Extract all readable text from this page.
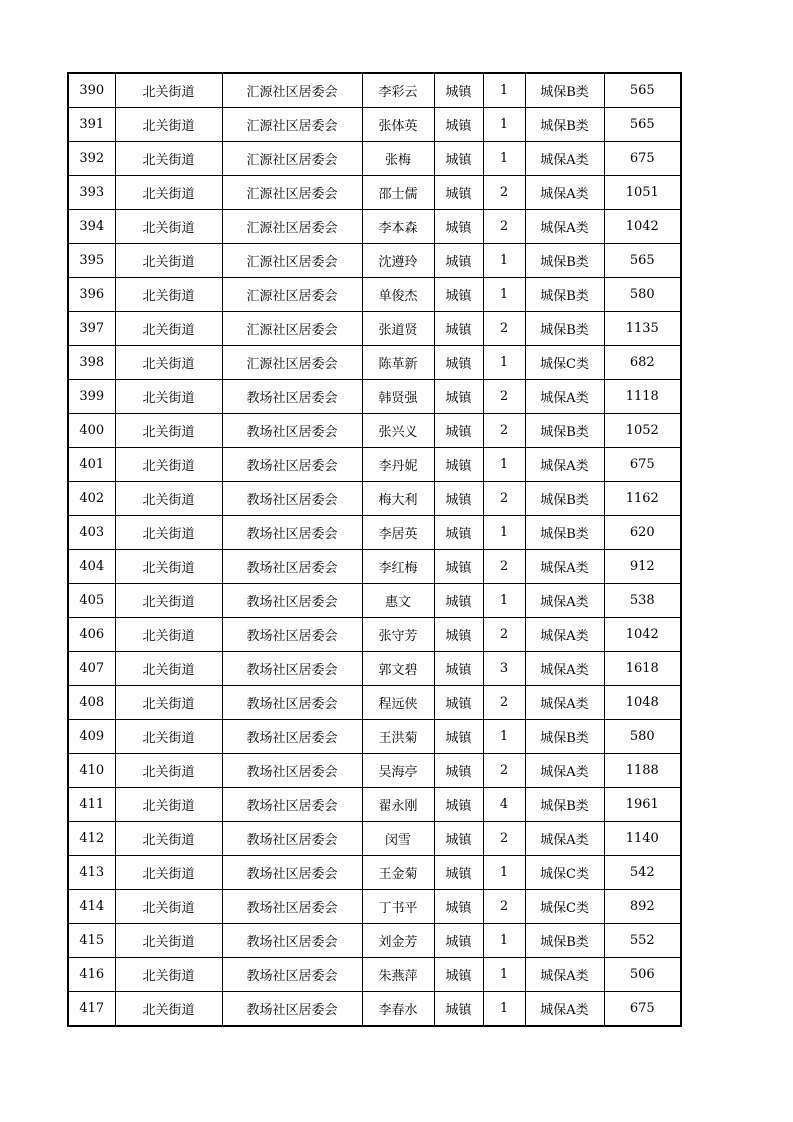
390	北关街道	汇源社区居委会	李彩云	城镇	1	城保B类	565
391	北关街道	汇源社区居委会	张体英	城镇	1	城保B类	565
392	北关街道	汇源社区居委会	张梅	城镇	1	城保A类	675
393	北关街道	汇源社区居委会	邵士儒	城镇	2	城保A类	1051
394	北关街道	汇源社区居委会	李本森	城镇	2	城保A类	1042
395	北关街道	汇源社区居委会	沈遵玲	城镇	1	城保B类	565
396	北关街道	汇源社区居委会	单俊杰	城镇	1	城保B类	580
397	北关街道	汇源社区居委会	张道贤	城镇	2	城保B类	1135
398	北关街道	汇源社区居委会	陈革新	城镇	1	城保C类	682
399	北关街道	教场社区居委会	韩贤强	城镇	2	城保A类	1118
400	北关街道	教场社区居委会	张兴义	城镇	2	城保B类	1052
401	北关街道	教场社区居委会	李丹妮	城镇	1	城保A类	675
402	北关街道	教场社区居委会	梅大利	城镇	2	城保B类	1162
403	北关街道	教场社区居委会	李居英	城镇	1	城保B类	620
404	北关街道	教场社区居委会	李红梅	城镇	2	城保A类	912
405	北关街道	教场社区居委会	惠文	城镇	1	城保A类	538
406	北关街道	教场社区居委会	张守芳	城镇	2	城保A类	1042
407	北关街道	教场社区居委会	郭文碧	城镇	3	城保A类	1618
408	北关街道	教场社区居委会	程远侠	城镇	2	城保A类	1048
409	北关街道	教场社区居委会	王洪菊	城镇	1	城保B类	580
410	北关街道	教场社区居委会	吴海亭	城镇	2	城保A类	1188
411	北关街道	教场社区居委会	翟永刚	城镇	4	城保B类	1961
412	北关街道	教场社区居委会	闵雪	城镇	2	城保A类	1140
413	北关街道	教场社区居委会	王金菊	城镇	1	城保C类	542
414	北关街道	教场社区居委会	丁书平	城镇	2	城保C类	892
415	北关街道	教场社区居委会	刘金芳	城镇	1	城保B类	552
416	北关街道	教场社区居委会	朱燕萍	城镇	1	城保A类	506
417	北关街道	教场社区居委会	李春水	城镇	1	城保A类	675
